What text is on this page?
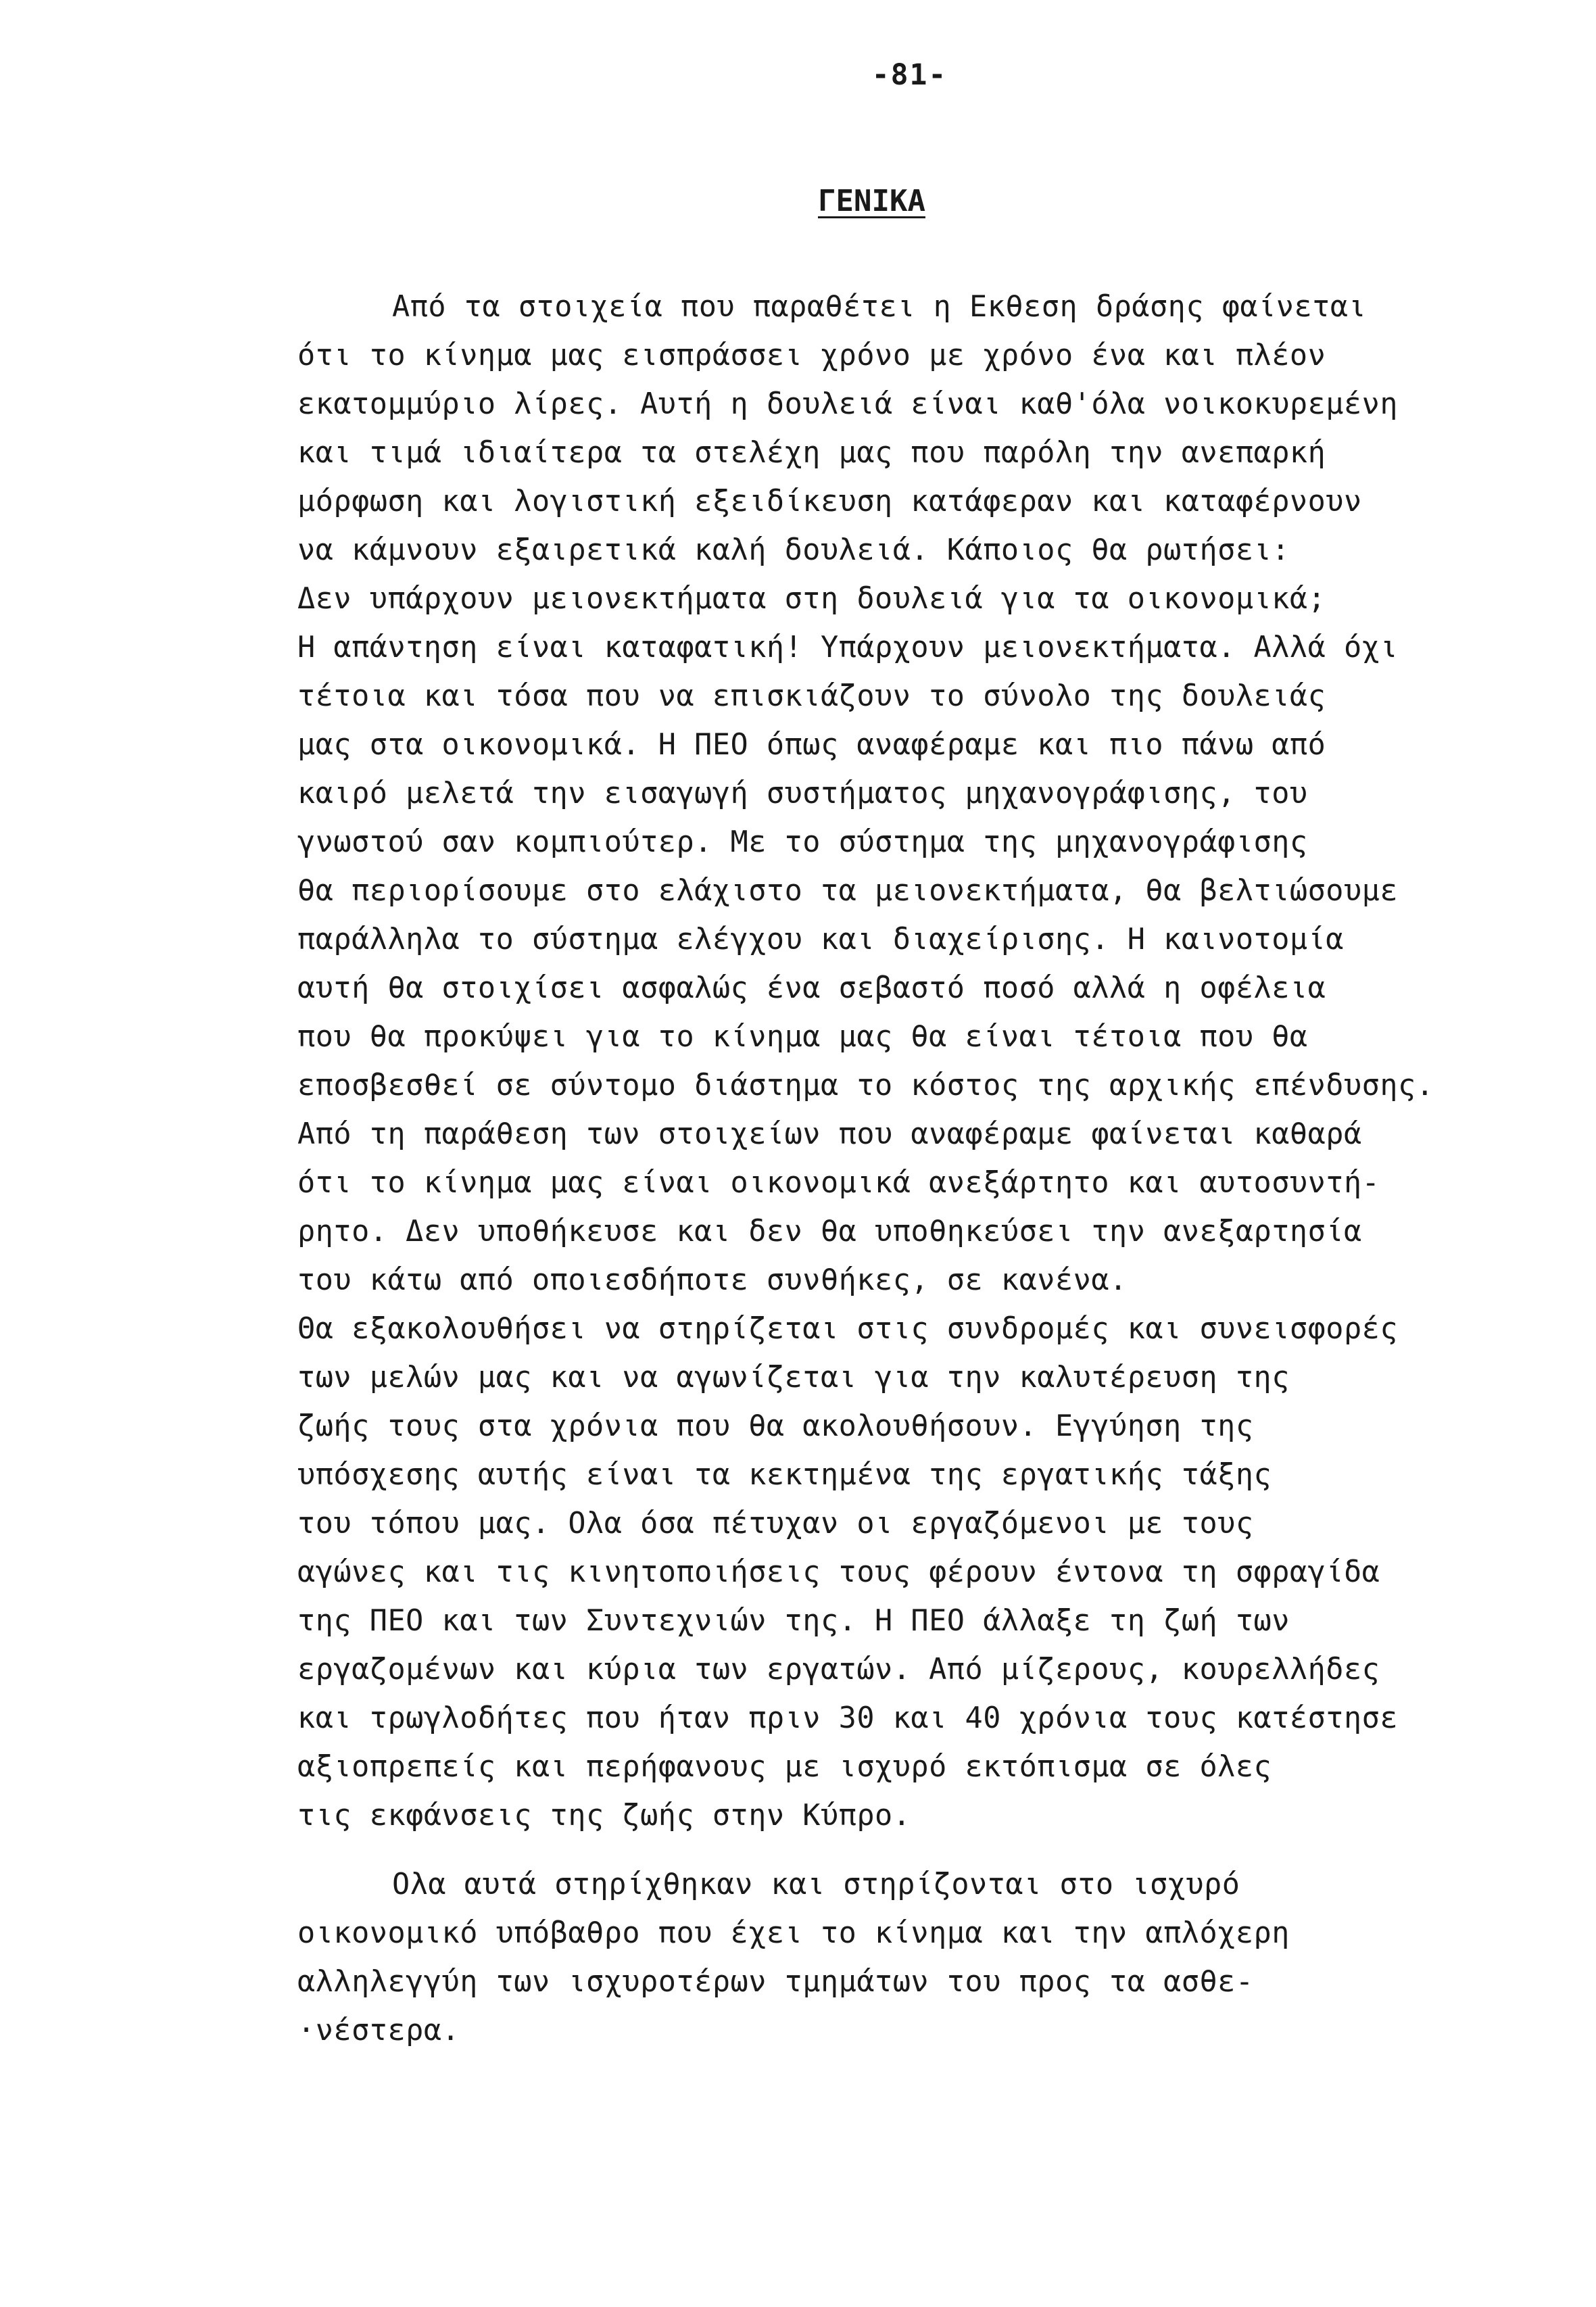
-81-
ΓΕΝΙΚΑ
Από τα στοιχεία που παραθέτει η Εκθεση δράσης φαίνεται
ότι το κίνημα μας εισπράσσει χρόνο με χρόνο ένα και πλέον
εκατομμύριο λίρες. Αυτή η δουλειά είναι καθ'όλα νοικοκυρεμένη
και τιμά ιδιαίτερα τα στελέχη μας που παρόλη την ανεπαρκή
μόρφωση και λογιστική εξειδίκευση κατάφεραν και καταφέρνουν
να κάμνουν εξαιρετικά καλή δουλειά. Κάποιος θα ρωτήσει:
Δεν υπάρχουν μειονεκτήματα στη δουλειά για τα οικονομικά;
Η απάντηση είναι καταφατική! Υπάρχουν μειονεκτήματα. Αλλά όχι
τέτοια και τόσα που να επισκιάζουν το σύνολο της δουλειάς
μας στα οικονομικά. Η ΠΕΟ όπως αναφέραμε και πιο πάνω από
καιρό μελετά την εισαγωγή συστήματος μηχανογράφισης, του
γνωστού σαν κομπιούτερ. Με το σύστημα της μηχανογράφισης
θα περιορίσουμε στο ελάχιστο τα μειονεκτήματα, θα βελτιώσουμε
παράλληλα το σύστημα ελέγχου και διαχείρισης. Η καινοτομία
αυτή θα στοιχίσει ασφαλώς ένα σεβαστό ποσό αλλά η οφέλεια
που θα προκύψει για το κίνημα μας θα είναι τέτοια που θα
εποσβεσθεί σε σύντομο διάστημα το κόστος της αρχικής επένδυσης.
Από τη παράθεση των στοιχείων που αναφέραμε φαίνεται καθαρά
ότι το κίνημα μας είναι οικονομικά ανεξάρτητο και αυτοσυντή-
ρητο. Δεν υποθήκευσε και δεν θα υποθηκεύσει την ανεξαρτησία
του κάτω από οποιεσδήποτε συνθήκες, σε κανένα.
Θα εξακολουθήσει να στηρίζεται στις συνδρομές και συνεισφορές
των μελών μας και να αγωνίζεται για την καλυτέρευση της
ζωής τους στα χρόνια που θα ακολουθήσουν. Εγγύηση της
υπόσχεσης αυτής είναι τα κεκτημένα της εργατικής τάξης
του τόπου μας. Ολα όσα πέτυχαν οι εργαζόμενοι με τους
αγώνες και τις κινητοποιήσεις τους φέρουν έντονα τη σφραγίδα
της ΠΕΟ και των Συντεχνιών της. Η ΠΕΟ άλλαξε τη ζωή των
εργαζομένων και κύρια των εργατών. Από μίζερους, κουρελλήδες
και τρωγλοδήτες που ήταν πριν 30 και 40 χρόνια τους κατέστησε
αξιοπρεπείς και περήφανους με ισχυρό εκτόπισμα σε όλες
τις εκφάνσεις της ζωής στην Κύπρο.
Ολα αυτά στηρίχθηκαν και στηρίζονται στο ισχυρό
οικονομικό υπόβαθρο που έχει το κίνημα και την απλόχερη
αλληλεγγύη των ισχυροτέρων τμημάτων του προς τα ασθε-
·νέστερα.
